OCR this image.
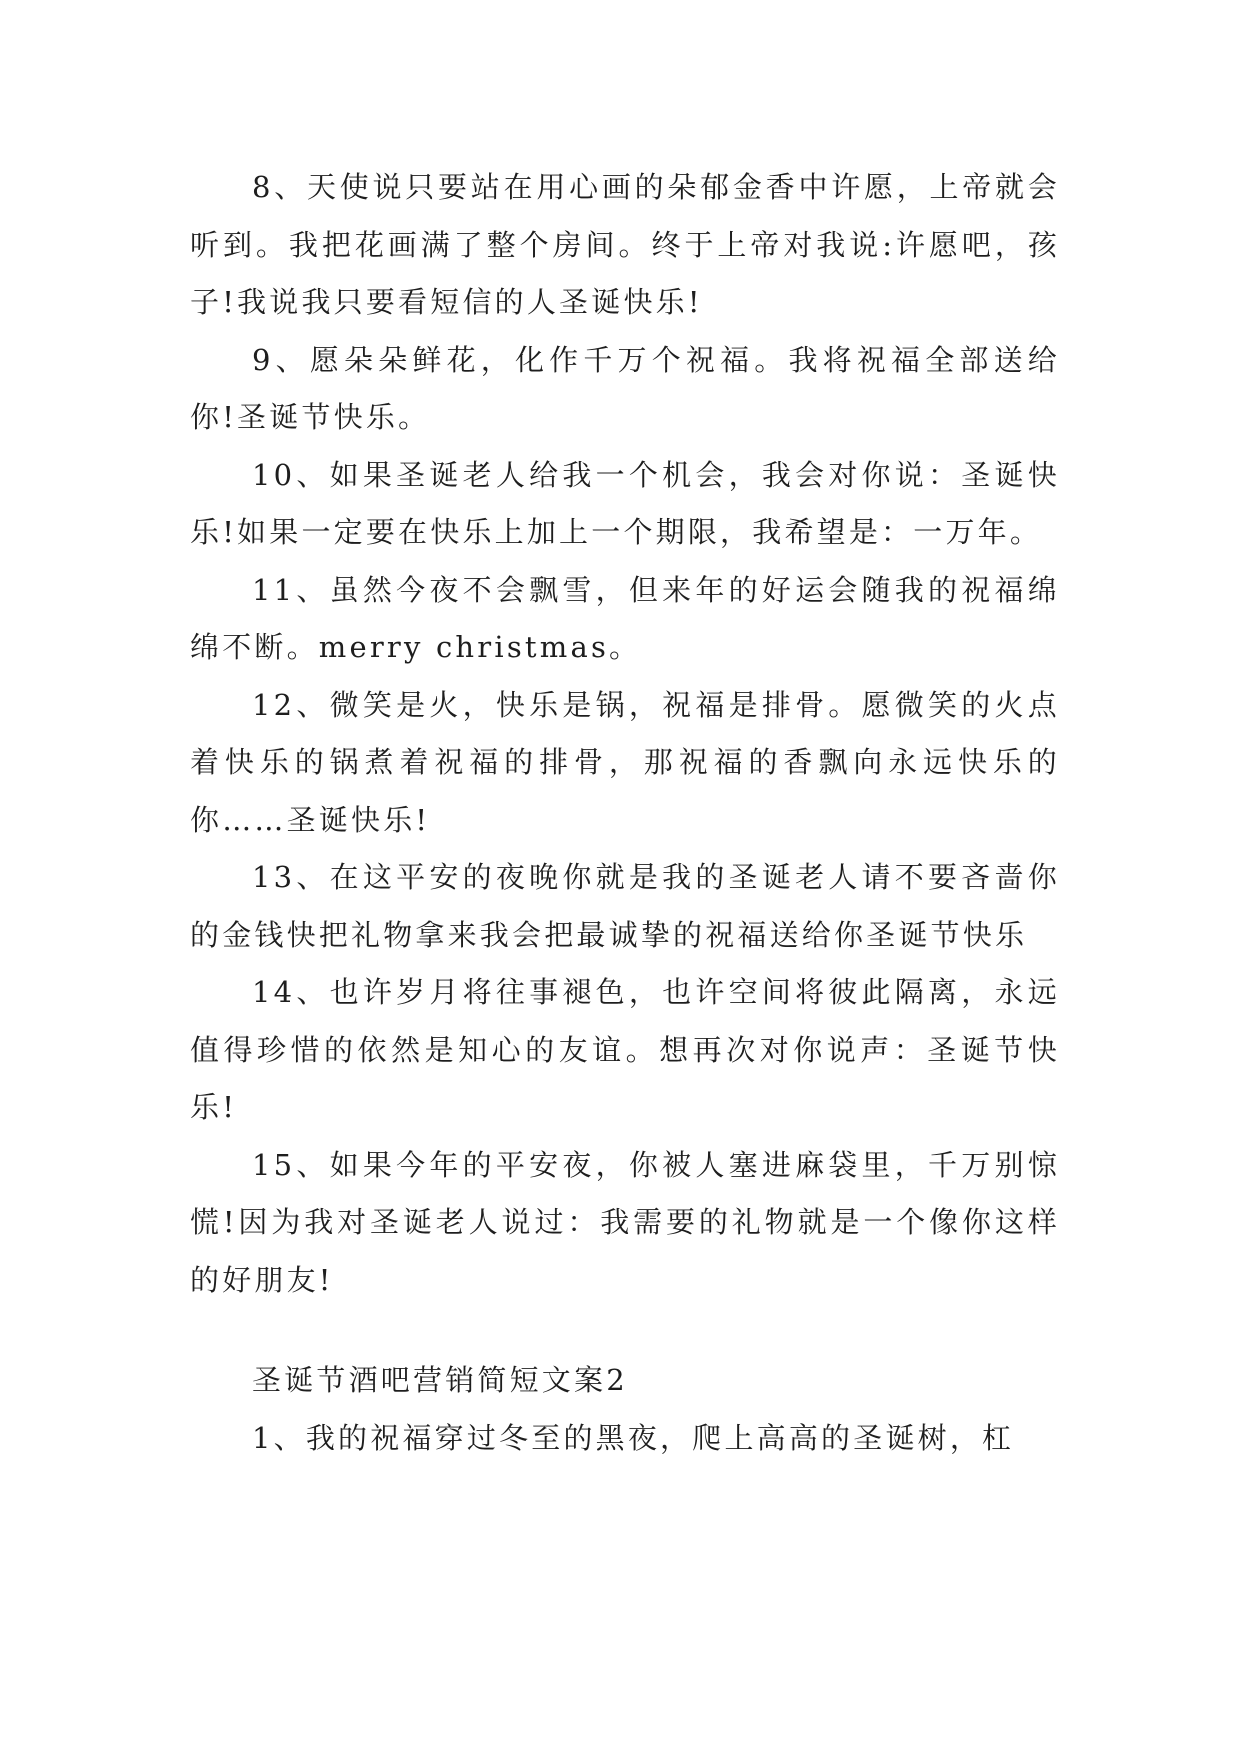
8、天使说只要站在用心画的朵郁金香中许愿，上帝就会听到。我把花画满了整个房间。终于上帝对我说:许愿吧，孩子!我说我只要看短信的人圣诞快乐!

9、愿朵朵鲜花，化作千万个祝福。我将祝福全部送给你!圣诞节快乐。

10、如果圣诞老人给我一个机会，我会对你说：圣诞快乐!如果一定要在快乐上加上一个期限，我希望是：一万年。

11、虽然今夜不会飘雪，但来年的好运会随我的祝福绵绵不断。merry christmas。

12、微笑是火，快乐是锅，祝福是排骨。愿微笑的火点着快乐的锅煮着祝福的排骨，那祝福的香飘向永远快乐的你……圣诞快乐!

13、在这平安的夜晚你就是我的圣诞老人请不要吝啬你的金钱快把礼物拿来我会把最诚挚的祝福送给你圣诞节快乐

14、也许岁月将往事褪色，也许空间将彼此隔离，永远值得珍惜的依然是知心的友谊。想再次对你说声：圣诞节快乐!

15、如果今年的平安夜，你被人塞进麻袋里，千万别惊慌!因为我对圣诞老人说过：我需要的礼物就是一个像你这样的好朋友!

圣诞节酒吧营销简短文案2

1、我的祝福穿过冬至的黑夜，爬上高高的圣诞树，杠
